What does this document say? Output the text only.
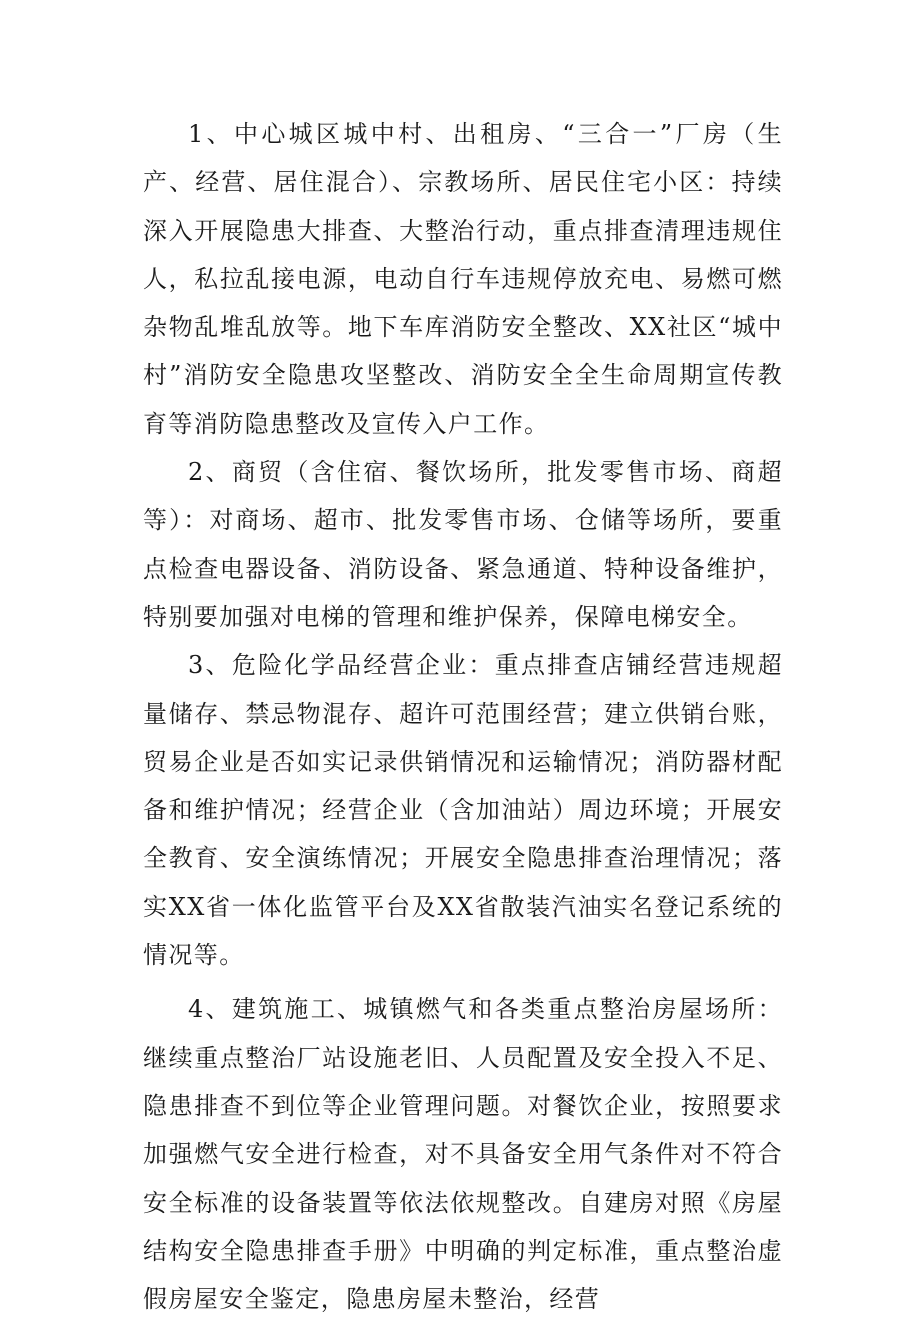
1、中心城区城中村、出租房、“三合一”厂房（生产、经营、居住混合）、宗教场所、居民住宅小区：持续深入开展隐患大排查、大整治行动，重点排查清理违规住人，私拉乱接电源，电动自行车违规停放充电、易燃可燃杂物乱堆乱放等。地下车库消防安全整改、XX社区“城中村”消防安全隐患攻坚整改、消防安全全生命周期宣传教育等消防隐患整改及宣传入户工作。

2、商贸（含住宿、餐饮场所，批发零售市场、商超等）：对商场、超市、批发零售市场、仓储等场所，要重点检查电器设备、消防设备、紧急通道、特种设备维护，特别要加强对电梯的管理和维护保养，保障电梯安全。

3、危险化学品经营企业：重点排查店铺经营违规超量储存、禁忌物混存、超许可范围经营；建立供销台账，贸易企业是否如实记录供销情况和运输情况；消防器材配备和维护情况；经营企业（含加油站）周边环境；开展安全教育、安全演练情况；开展安全隐患排查治理情况；落实XX省一体化监管平台及XX省散装汽油实名登记系统的情况等。

4、建筑施工、城镇燃气和各类重点整治房屋场所：继续重点整治厂站设施老旧、人员配置及安全投入不足、隐患排查不到位等企业管理问题。对餐饮企业，按照要求加强燃气安全进行检查，对不具备安全用气条件对不符合安全标准的设备装置等依法依规整改。自建房对照《房屋结构安全隐患排查手册》中明确的判定标准，重点整治虚假房屋安全鉴定，隐患房屋未整治，经营
